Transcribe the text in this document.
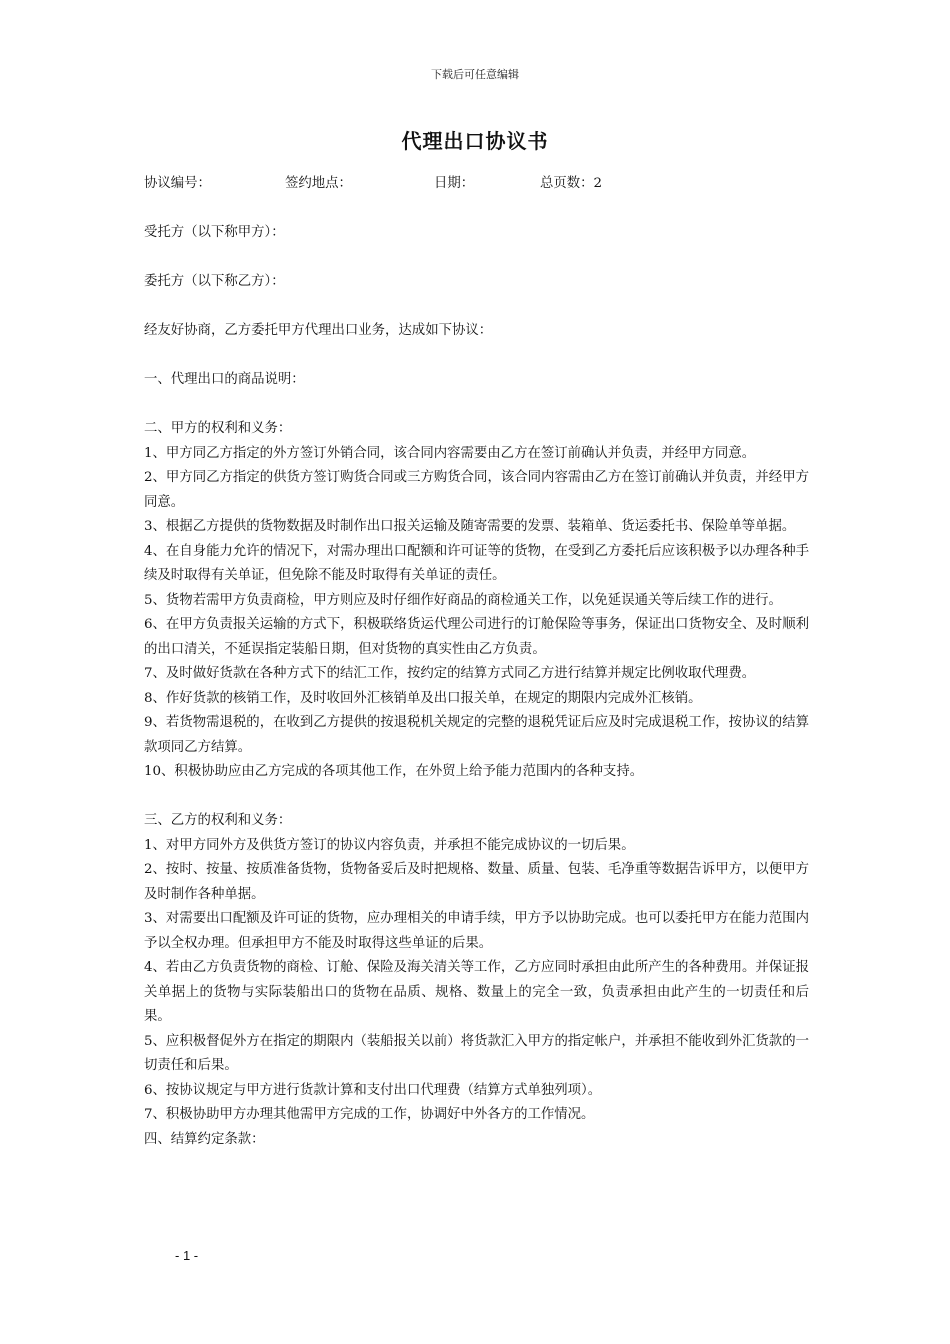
下载后可任意编辑
代理出口协议书
协议编号：	签约地点：	日期：	总页数：2

受托方（以下称甲方）：

委托方（以下称乙方）：

经友好协商，乙方委托甲方代理出口业务，达成如下协议：

一、代理出口的商品说明：

二、甲方的权利和义务：

1、甲方同乙方指定的外方签订外销合同，该合同内容需要由乙方在签订前确认并负责，并经甲方同意。

2、甲方同乙方指定的供货方签订购货合同或三方购货合同，该合同内容需由乙方在签订前确认并负责，并经甲方同意。

3、根据乙方提供的货物数据及时制作出口报关运输及随寄需要的发票、装箱单、货运委托书、保险单等单据。

4、在自身能力允许的情况下，对需办理出口配额和许可证等的货物，在受到乙方委托后应该积极予以办理各种手续及时取得有关单证，但免除不能及时取得有关单证的责任。

5、货物若需甲方负责商检，甲方则应及时仔细作好商品的商检通关工作，以免延误通关等后续工作的进行。

6、在甲方负责报关运输的方式下，积极联络货运代理公司进行的订舱保险等事务，保证出口货物安全、及时顺利的出口清关，不延误指定装船日期，但对货物的真实性由乙方负责。

7、及时做好货款在各种方式下的结汇工作，按约定的结算方式同乙方进行结算并规定比例收取代理费。

8、作好货款的核销工作，及时收回外汇核销单及出口报关单，在规定的期限内完成外汇核销。

9、若货物需退税的，在收到乙方提供的按退税机关规定的完整的退税凭证后应及时完成退税工作，按协议的结算款项同乙方结算。

10、积极协助应由乙方完成的各项其他工作，在外贸上给予能力范围内的各种支持。

三、乙方的权利和义务：

1、对甲方同外方及供货方签订的协议内容负责，并承担不能完成协议的一切后果。

2、按时、按量、按质准备货物，货物备妥后及时把规格、数量、质量、包装、毛净重等数据告诉甲方，以便甲方及时制作各种单据。

3、对需要出口配额及许可证的货物，应办理相关的申请手续，甲方予以协助完成。也可以委托甲方在能力范围内予以全权办理。但承担甲方不能及时取得这些单证的后果。

4、若由乙方负责货物的商检、订舱、保险及海关清关等工作，乙方应同时承担由此所产生的各种费用。并保证报关单据上的货物与实际装船出口的货物在品质、规格、数量上的完全一致，负责承担由此产生的一切责任和后果。

5、应积极督促外方在指定的期限内（装船报关以前）将货款汇入甲方的指定帐户，并承担不能收到外汇货款的一切责任和后果。

6、按协议规定与甲方进行货款计算和支付出口代理费（结算方式单独列项）。

7、积极协助甲方办理其他需甲方完成的工作，协调好中外各方的工作情况。

四、结算约定条款：

- 1 -
